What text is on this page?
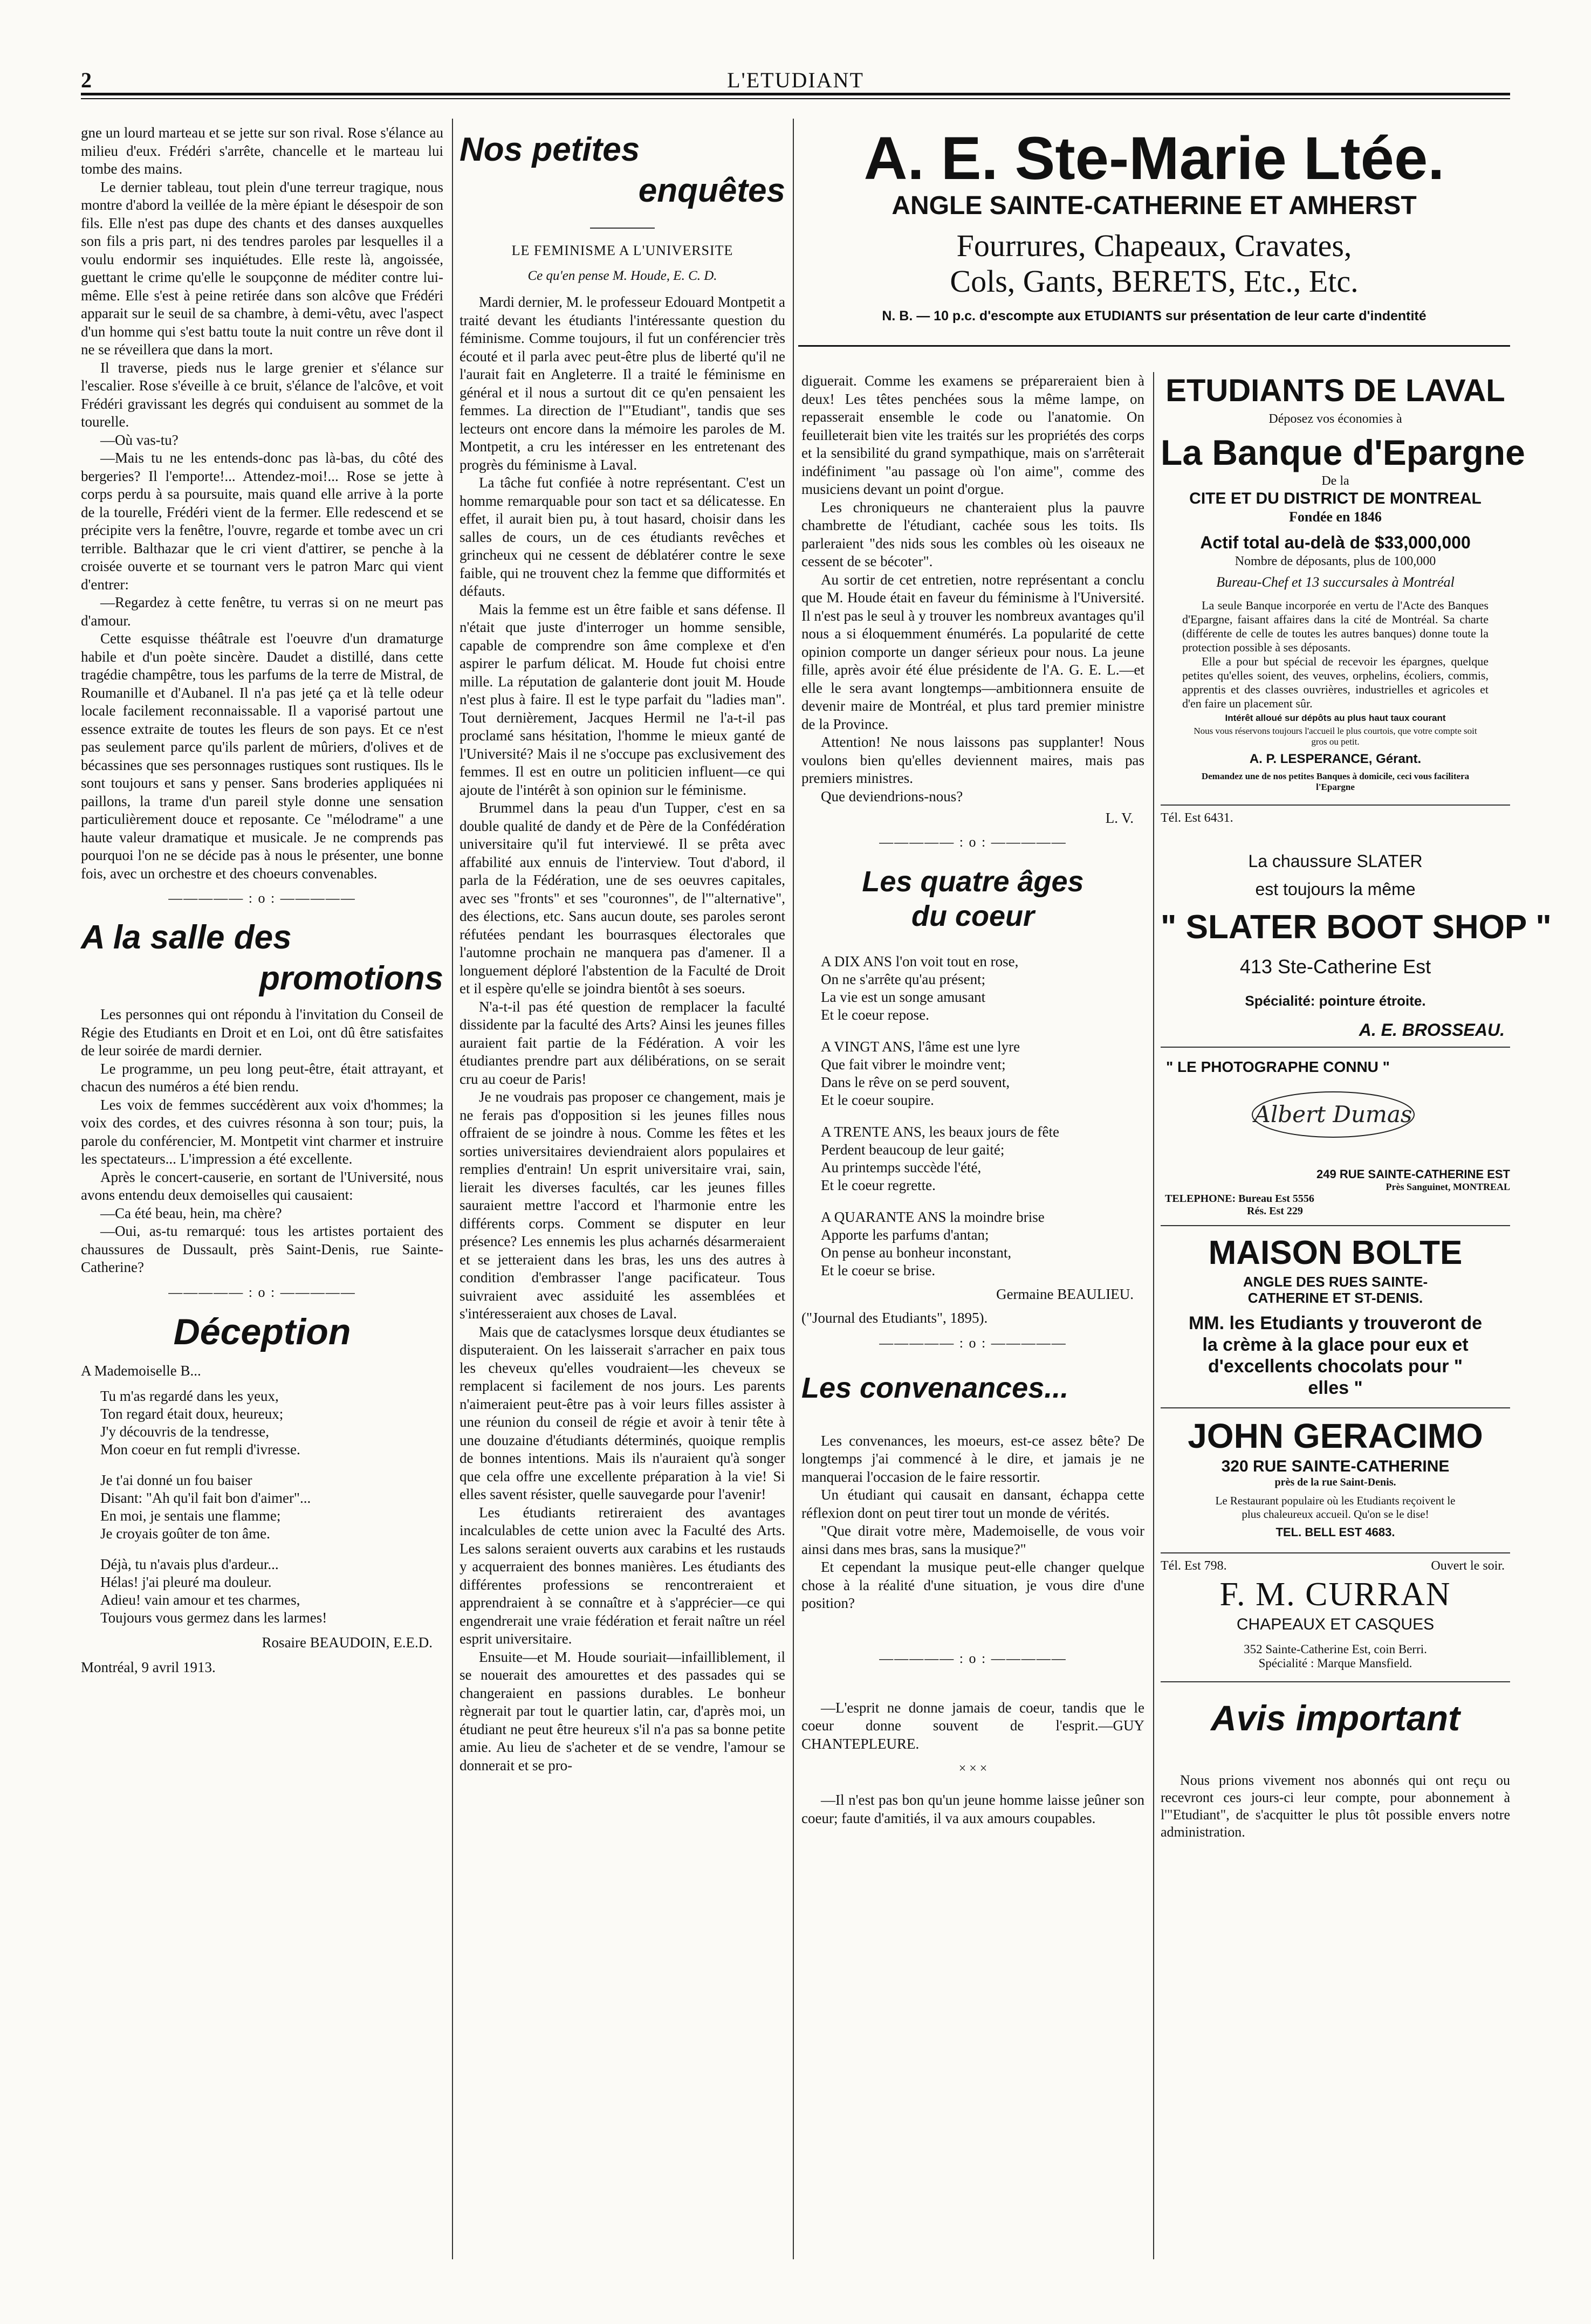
2	L'ETUDIANT

gne un lourd marteau et se jette sur son rival. Rose s'élance au milieu d'eux. Frédéri s'arrête, chancelle et le marteau lui tombe des mains.

Le dernier tableau, tout plein d'une terreur tragique, nous montre d'abord la veillée de la mère épiant le désespoir de son fils. Elle n'est pas dupe des chants et des danses auxquelles son fils a pris part, ni des tendres paroles par lesquelles il a voulu endormir ses inquiétudes. Elle reste là, angoissée, guettant le crime qu'elle le soupçonne de méditer contre lui-même. Elle s'est à peine retirée dans son alcôve que Frédéri apparait sur le seuil de sa chambre, à demi-vêtu, avec l'aspect d'un homme qui s'est battu toute la nuit contre un rêve dont il ne se réveillera que dans la mort.

Il traverse, pieds nus le large grenier et s'élance sur l'escalier. Rose s'éveille à ce bruit, s'élance de l'alcôve, et voit Frédéri gravissant les degrés qui conduisent au sommet de la tourelle.

—Où vas-tu?

—Mais tu ne les entends-donc pas là-bas, du côté des bergeries? Il l'emporte!... Attendez-moi!... Rose se jette à corps perdu à sa poursuite, mais quand elle arrive à la porte de la tourelle, Frédéri vient de la fermer. Elle redescend et se précipite vers la fenêtre, l'ouvre, regarde et tombe avec un cri terrible. Balthazar que le cri vient d'attirer, se penche à la croisée ouverte et se tournant vers le patron Marc qui vient d'entrer:

—Regardez à cette fenêtre, tu verras si on ne meurt pas d'amour.

Cette esquisse théâtrale est l'oeuvre d'un dramaturge habile et d'un poète sincère. Daudet a distillé, dans cette tragédie champêtre, tous les parfums de la terre de Mistral, de Roumanille et d'Aubanel. Il n'a pas jeté ça et là telle odeur locale facilement reconnaissable. Il a vaporisé partout une essence extraite de toutes les fleurs de son pays. Et ce n'est pas seulement parce qu'ils parlent de mûriers, d'olives et de bécassines que ses personnages rustiques sont rustiques. Ils le sont toujours et sans y penser. Sans broderies appliquées ni paillons, la trame d'un pareil style donne une sensation particulièrement douce et reposante. Ce "mélodrame" a une haute valeur dramatique et musicale. Je ne comprends pas pourquoi l'on ne se décide pas à nous le présenter, une bonne fois, avec un orchestre et des choeurs convenables.

————— : o : —————
A la salle des
promotions

Les personnes qui ont répondu à l'invitation du Conseil de Régie des Etudiants en Droit et en Loi, ont dû être satisfaites de leur soirée de mardi dernier.

Le programme, un peu long peut-être, était attrayant, et chacun des numéros a été bien rendu.

Les voix de femmes succédèrent aux voix d'hommes; la voix des cordes, et des cuivres résonna à son tour; puis, la parole du conférencier, M. Montpetit vint charmer et instruire les spectateurs... L'impression a été excellente.

Après le concert-causerie, en sortant de l'Université, nous avons entendu deux demoiselles qui causaient:

—Ca été beau, hein, ma chère?

—Oui, as-tu remarqué: tous les artistes portaient des chaussures de Dussault, près Saint-Denis, rue Sainte-Catherine?

————— : o : —————
Déception

A Mademoiselle B...

Tu m'as regardé dans les yeux,
Ton regard était doux, heureux;
J'y découvris de la tendresse,
Mon coeur en fut rempli d'ivresse.
Je t'ai donné un fou baiser
Disant: "Ah qu'il fait bon d'aimer"...
En moi, je sentais une flamme;
Je croyais goûter de ton âme.
Déjà, tu n'avais plus d'ardeur...
Hélas! j'ai pleuré ma douleur.
Adieu! vain amour et tes charmes,
Toujours vous germez dans les larmes!
Rosaire BEAUDOIN, E.E.D.

Montréal, 9 avril 1913.

Nos petites
enquêtes
LE FEMINISME A L'UNIVERSITE
Ce qu'en pense M. Houde, E. C. D.

Mardi dernier, M. le professeur Edouard Montpetit a traité devant les étudiants l'intéressante question du féminisme. Comme toujours, il fut un conférencier très écouté et il parla avec peut-être plus de liberté qu'il ne l'aurait fait en Angleterre. Il a traité le féminisme en général et il nous a surtout dit ce qu'en pensaient les femmes. La direction de l'"Etudiant", tandis que ses lecteurs ont encore dans la mémoire les paroles de M. Montpetit, a cru les intéresser en les entretenant des progrès du féminisme à Laval.

La tâche fut confiée à notre représentant. C'est un homme remarquable pour son tact et sa délicatesse. En effet, il aurait bien pu, à tout hasard, choisir dans les salles de cours, un de ces étudiants revêches et grincheux qui ne cessent de déblatérer contre le sexe faible, qui ne trouvent chez la femme que difformités et défauts.

Mais la femme est un être faible et sans défense. Il n'était que juste d'interroger un homme sensible, capable de comprendre son âme complexe et d'en aspirer le parfum délicat. M. Houde fut choisi entre mille. La réputation de galanterie dont jouit M. Houde n'est plus à faire. Il est le type parfait du "ladies man". Tout dernièrement, Jacques Hermil ne l'a-t-il pas proclamé sans hésitation, l'homme le mieux ganté de l'Université? Mais il ne s'occupe pas exclusivement des femmes. Il est en outre un politicien influent—ce qui ajoute de l'intérêt à son opinion sur le féminisme.

Brummel dans la peau d'un Tupper, c'est en sa double qualité de dandy et de Père de la Confédération universitaire qu'il fut interviewé. Il se prêta avec affabilité aux ennuis de l'interview. Tout d'abord, il parla de la Fédération, une de ses oeuvres capitales, avec ses "fronts" et ses "couronnes", de l'"alternative", des élections, etc. Sans aucun doute, ses paroles seront réfutées pendant les bourrasques électorales que l'automne prochain ne manquera pas d'amener. Il a longuement déploré l'abstention de la Faculté de Droit et il espère qu'elle se joindra bientôt à ses soeurs.

N'a-t-il pas été question de remplacer la faculté dissidente par la faculté des Arts? Ainsi les jeunes filles auraient fait partie de la Fédération. A voir les étudiantes prendre part aux délibérations, on se serait cru au coeur de Paris!

Je ne voudrais pas proposer ce changement, mais je ne ferais pas d'opposition si les jeunes filles nous offraient de se joindre à nous. Comme les fêtes et les sorties universitaires deviendraient alors populaires et remplies d'entrain! Un esprit universitaire vrai, sain, lierait les diverses facultés, car les jeunes filles sauraient mettre l'accord et l'harmonie entre les différents corps. Comment se disputer en leur présence? Les ennemis les plus acharnés désarmeraient et se jetteraient dans les bras, les uns des autres à condition d'embrasser l'ange pacificateur. Tous suivraient avec assiduité les assemblées et s'intéresseraient aux choses de Laval.

Mais que de cataclysmes lorsque deux étudiantes se disputeraient. On les laisserait s'arracher en paix tous les cheveux qu'elles voudraient—les cheveux se remplacent si facilement de nos jours. Les parents n'aimeraient peut-être pas à voir leurs filles assister à une réunion du conseil de régie et avoir à tenir tête à une douzaine d'étudiants déterminés, quoique remplis de bonnes intentions. Mais ils n'auraient qu'à songer que cela offre une excellente préparation à la vie! Si elles savent résister, quelle sauvegarde pour l'avenir!

Les étudiants retireraient des avantages incalculables de cette union avec la Faculté des Arts. Les salons seraient ouverts aux carabins et les rustauds y acquerraient des bonnes manières. Les étudiants des différentes professions se rencontreraient et apprendraient à se connaître et à s'apprécier—ce qui engendrerait une vraie fédération et ferait naître un réel esprit universitaire.

Ensuite—et M. Houde souriait—infailliblement, il se nouerait des amourettes et des passades qui se changeraient en passions durables. Le bonheur règnerait par tout le quartier latin, car, d'après moi, un étudiant ne peut être heureux s'il n'a pas sa bonne petite amie. Au lieu de s'acheter et de se vendre, l'amour se donnerait et se pro-

A. E. Ste-Marie Ltée.
ANGLE SAINTE-CATHERINE ET AMHERST
Fourrures, Chapeaux, Cravates,
Cols, Gants, BERETS, Etc., Etc.
N. B. — 10 p.c. d'escompte aux ETUDIANTS sur présentation de leur carte d'indentité

diguerait. Comme les examens se prépareraient bien à deux! Les têtes penchées sous la même lampe, on repasserait ensemble le code ou l'anatomie. On feuilleterait bien vite les traités sur les propriétés des corps et la sensibilité du grand sympathique, mais on s'arrêterait indéfiniment "au passage où l'on aime", comme des musiciens devant un point d'orgue.

Les chroniqueurs ne chanteraient plus la pauvre chambrette de l'étudiant, cachée sous les toits. Ils parleraient "des nids sous les combles où les oiseaux ne cessent de se bécoter".

Au sortir de cet entretien, notre représentant a conclu que M. Houde était en faveur du féminisme à l'Université. Il n'est pas le seul à y trouver les nombreux avantages qu'il nous a si éloquemment énumérés. La popularité de cette opinion comporte un danger sérieux pour nous. La jeune fille, après avoir été élue présidente de l'A. G. E. L.—et elle le sera avant longtemps—ambitionnera ensuite de devenir maire de Montréal, et plus tard premier ministre de la Province.

Attention! Ne nous laissons pas supplanter! Nous voulons bien qu'elles deviennent maires, mais pas premiers ministres.

Que deviendrions-nous?

L. V.
————— : o : —————
Les quatre âges
du coeur
A DIX ANS l'on voit tout en rose,
On ne s'arrête qu'au présent;
La vie est un songe amusant
Et le coeur repose.
A VINGT ANS, l'âme est une lyre
Que fait vibrer le moindre vent;
Dans le rêve on se perd souvent,
Et le coeur soupire.
A TRENTE ANS, les beaux jours de fête
Perdent beaucoup de leur gaité;
Au printemps succède l'été,
Et le coeur regrette.
A QUARANTE ANS la moindre brise
Apporte les parfums d'antan;
On pense au bonheur inconstant,
Et le coeur se brise.
Germaine BEAULIEU.

("Journal des Etudiants", 1895).

————— : o : —————
Les convenances...

Les convenances, les moeurs, est-ce assez bête? De longtemps j'ai commencé à le dire, et jamais je ne manquerai l'occasion de le faire ressortir.

Un étudiant qui causait en dansant, échappa cette réflexion dont on peut tirer tout un monde de vérités.

"Que dirait votre mère, Mademoiselle, de vous voir ainsi dans mes bras, sans la musique?"

Et cependant la musique peut-elle changer quelque chose à la réalité d'une situation, je vous dire d'une position?

————— : o : —————

—L'esprit ne donne jamais de coeur, tandis que le coeur donne souvent de l'esprit.—GUY CHANTEPLEURE.

× × ×

—Il n'est pas bon qu'un jeune homme laisse jeûner son coeur; faute d'amitiés, il va aux amours coupables.

ETUDIANTS DE LAVAL
Déposez vos économies à
La Banque d'Epargne
De la
CITE ET DU DISTRICT DE MONTREAL
Fondée en 1846
Actif total au-delà de $33,000,000
Nombre de déposants, plus de 100,000
Bureau-Chef et 13 succursales à Montréal

La seule Banque incorporée en vertu de l'Acte des Banques d'Epargne, faisant affaires dans la cité de Montréal. Sa charte (différente de celle de toutes les autres banques) donne toute la protection possible à ses déposants.

Elle a pour but spécial de recevoir les épargnes, quelque petites qu'elles soient, des veuves, orphelins, écoliers, commis, apprentis et des classes ouvrières, industrielles et agricoles et d'en faire un placement sûr.

Intérêt alloué sur dépôts au plus haut taux courant
Nous vous réservons toujours l'accueil le plus courtois, que votre compte soit gros ou petit.
A. P. LESPERANCE, Gérant.
Demandez une de nos petites Banques à domicile, ceci vous facilitera l'Epargne
Tél. Est 6431.
La chaussure SLATER
est toujours la même
" SLATER BOOT SHOP "
413 Ste-Catherine Est
Spécialité: pointure étroite.
A. E. BROSSEAU.
" LE PHOTOGRAPHE CONNU "
Albert Dumas
249 RUE SAINTE-CATHERINE EST
Près Sanguinet, MONTREAL
TELEPHONE: Bureau Est 5556
Rés. Est 229
MAISON BOLTE
ANGLE DES RUES SAINTE-CATHERINE ET ST-DENIS.
MM. les Etudiants y trouveront de la crème à la glace pour eux et d'excellents chocolats pour " elles "
JOHN GERACIMO
320 RUE SAINTE-CATHERINE
près de la rue Saint-Denis.
Le Restaurant populaire où les Etudiants reçoivent le plus chaleureux accueil. Qu'on se le dise!
TEL. BELL EST 4683.
Tél. Est 798.	Ouvert le soir.
F. M. CURRAN
CHAPEAUX ET CASQUES
352 Sainte-Catherine Est, coin Berri.
Spécialité : Marque Mansfield.
Avis important

Nous prions vivement nos abonnés qui ont reçu ou recevront ces jours-ci leur compte, pour abonnement à l'"Etudiant", de s'acquitter le plus tôt possible envers notre administration.
